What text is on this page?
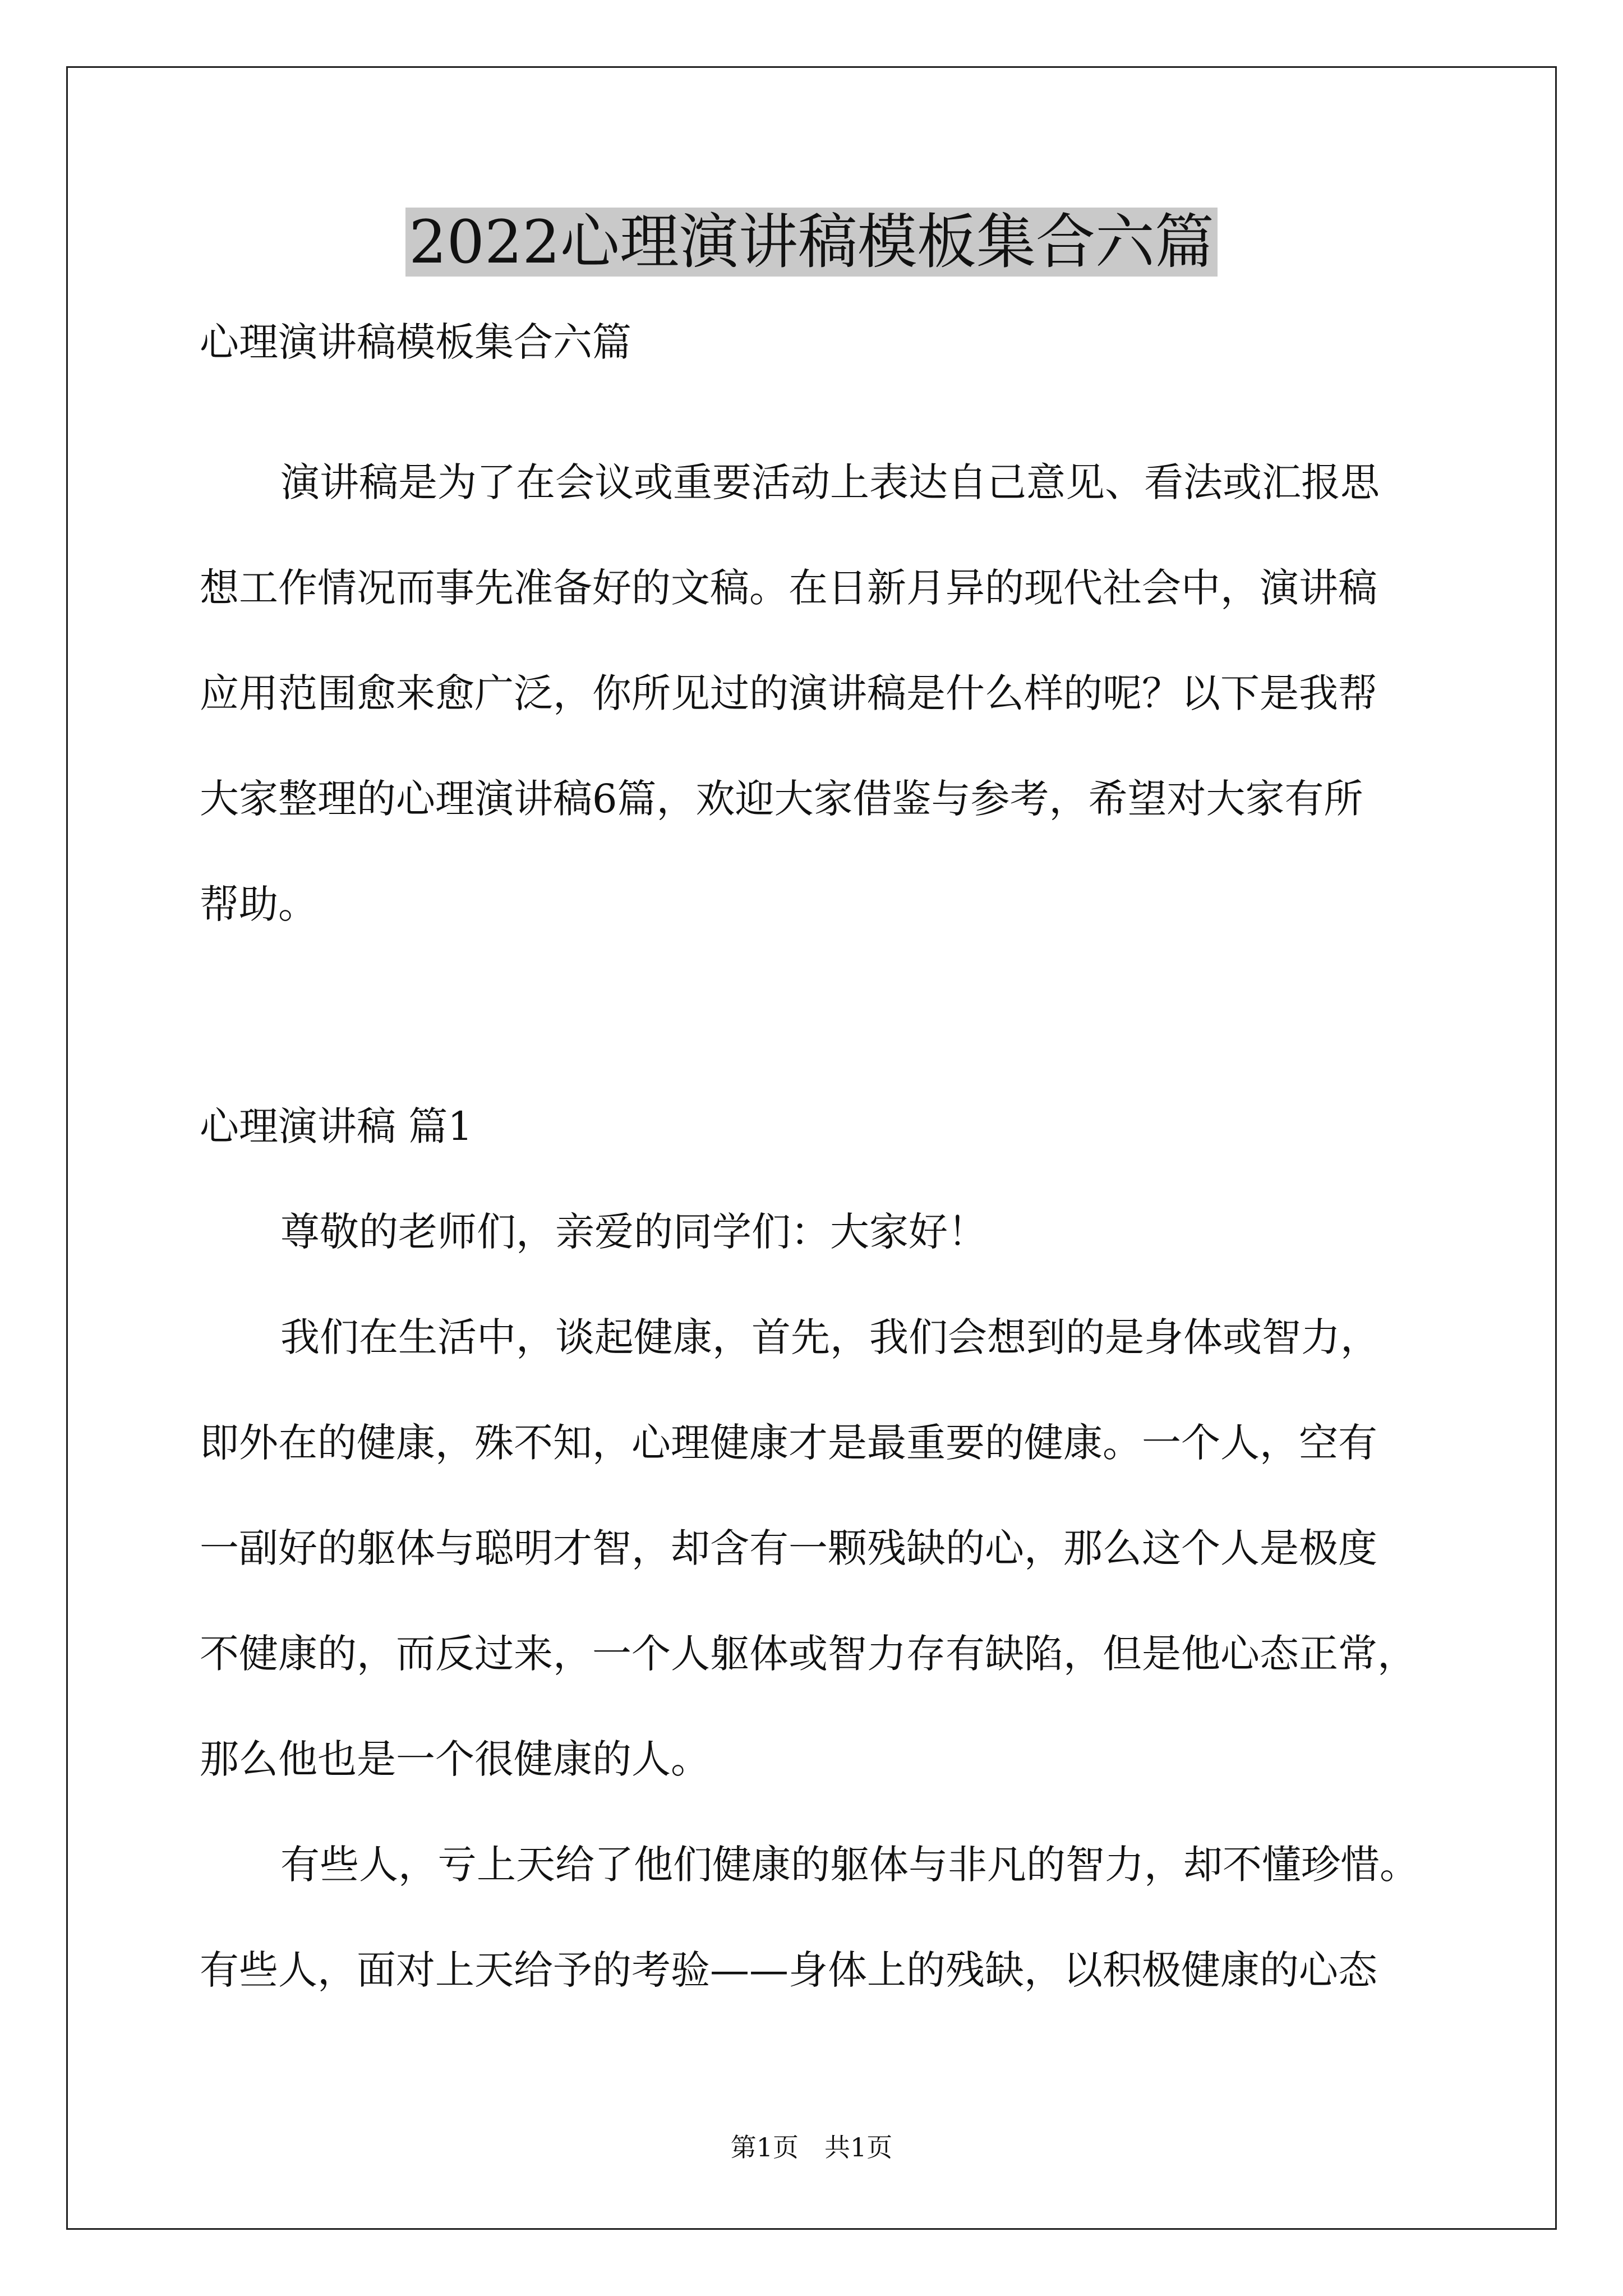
2022心理演讲稿模板集合六篇

心理演讲稿模板集合六篇

演讲稿是为了在会议或重要活动上表达自己意见、看法或汇报思

想工作情况而事先准备好的文稿。在日新月异的现代社会中，演讲稿

应用范围愈来愈广泛，你所见过的演讲稿是什么样的呢？以下是我帮

大家整理的心理演讲稿6篇，欢迎大家借鉴与参考，希望对大家有所

帮助。

心理演讲稿 篇1

尊敬的老师们，亲爱的同学们：大家好！

我们在生活中，谈起健康，首先，我们会想到的是身体或智力，

即外在的健康，殊不知，心理健康才是最重要的健康。一个人，空有

一副好的躯体与聪明才智，却含有一颗残缺的心，那么这个人是极度

不健康的，而反过来，一个人躯体或智力存有缺陷，但是他心态正常，

那么他也是一个很健康的人。

有些人，亏上天给了他们健康的躯体与非凡的智力，却不懂珍惜。

有些人，面对上天给予的考验——身体上的残缺，以积极健康的心态

第1页　共1页
